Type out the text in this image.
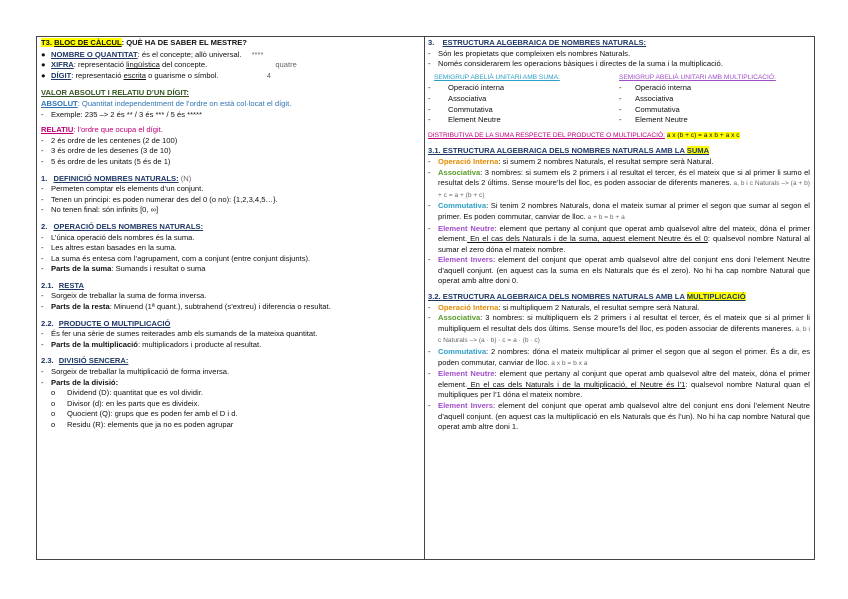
T3. BLOC DE CÀLCUL: QUÈ HA DE SABER EL MESTRE?

● NOMBRE O QUANTITAT: és el concepte; allò universal. ****
● XIFRA: representació lingüística del concepte.	quatre
● DÍGIT: representació escrita o guarisme o símbol.	4

VALOR ABSOLUT I RELATIU D’UN DÍGIT:

ABSOLUT: Quantitat independentment de l’ordre on està col·locat el dígit.

- Exemple: 235 –> 2 és ** / 3 és *** / 5 és *****

RELATIU: l’ordre que ocupa el dígit.

- 2 és ordre de les centenes (2 de 100)
- 3 és ordre de les desenes (3 de 10)
- 5 és ordre de les unitats (5 és de 1)

1. DEFINICIÓ NOMBRES NATURALS: (N)

- Permeten comptar els elements d’un conjunt.
- Tenen un principi: es poden numerar des del 0 (o no): {1,2,3,4,5…}.
- No tenen final: són infinits [0, ∞]

2. OPERACIÓ DELS NOMBRES NATURALS:

- L’única operació dels nombres és la suma.
- Les altres estan basades en la suma.
- La suma és entesa com l’agrupament, com a conjunt (entre conjunt disjunts).
- Parts de la suma: Sumands i resultat o suma

2.1. RESTA

- Sorgeix de treballar la suma de forma inversa.
- Parts de la resta: Minuend (1ª quant.), subtrahend (s’extreu) i diferencia o resultat.

2.2. PRODUCTE O MULTIPLICACIÓ

- És fer una sèrie de sumes reiterades amb els sumands de la mateixa quantitat.
- Parts de la multiplicació: multiplicadors i producte al resultat.

2.3. DIVISIÓ SENCERA:

- Sorgeix de treballar la multiplicació de forma inversa.
- Parts de la divisió:
o	Dividend (D): quantitat que es vol dividir.
o	Divisor (d): en les parts que es divideix.
o	Quocient (Q): grups que es poden fer amb el D i d.
o	Residu (R): elements que ja no es poden agrupar

3. ESTRUCTURA ALGEBRAICA DE NOMBRES NATURALS:

- Són les propietats que compleixen els nombres Naturals.
- Només considerarem les operacions bàsiques i directes de la suma i la multiplicació.

SEMIGRUP ABELIÀ UNITARI AMB SUMA:

-	Operació interna
-	Associativa
-	Commutativa
-	Element Neutre

SEMIGRUP ABELIÀ UNITARI AMB MULTIPLICACIÓ:

-	Operació interna
-	Associativa
-	Commutativa
-	Element Neutre

DISTRIBUTIVA DE LA SUMA RESPECTE DEL PRODUCTE O MULTIPLICACIÓ: a x (b + c) = a x b + a x c

3.1. ESTRUCTURA ALGEBRAICA DELS NOMBRES NATURALS AMB LA SUMA

- Operació Interna: si sumem 2 nombres Naturals, el resultat sempre serà Natural.
- Associativa: 3 nombres: si sumem els 2 primers i al resultat el tercer, és el mateix que si al primer li sumo el resultat dels 2 últims. Sense moure’ls del lloc, es poden associar de diferents maneres. a, b i c Naturals –> (a + b) + c = a + (b + c)
- Commutativa: Si tenim 2 nombres Naturals, dona el mateix sumar al primer el segon que sumar al segon el primer. Es poden commutar, canviar de lloc. a + b = b + a
- Element Neutre: element que pertany al conjunt que operat amb qualsevol altre del mateix, dóna el primer element. En el cas dels Naturals i de la suma, aquest element Neutre és el 0: qualsevol nombre Natural al sumar el zero dóna el mateix nombre.
- Element Invers: element del conjunt que operat amb qualsevol altre del conjunt ens doni l’element Neutre d’aquell conjunt. (en aquest cas la suma en els Naturals que és el zero). No hi ha cap nombre Natural que operat amb altre doni 0.

3.2. ESTRUCTURA ALGEBRAICA DELS NOMBRES NATURALS AMB LA MULTIPLICACIÓ

- Operació Interna: si multipliquem 2 Naturals, el resultat sempre serà Natural.
- Associativa: 3 nombres: si multipliquem els 2 primers i al resultat el tercer, és el mateix que si al primer li multipliquem el resultat dels dos últims. Sense moure’ls del lloc, es poden associar de diferents maneres. a, b i c Naturals –> (a · b) · c = a · (b · c)
- Commutativa: 2 nombres: dóna el mateix multiplicar al primer el segon que al segon el primer. És a dir, es poden commutar, canviar de lloc. a x b = b x a
- Element Neutre: element que pertany al conjunt que operat amb qualsevol altre del mateix, dóna el primer element. En el cas dels Naturals i de la multiplicació, el Neutre és l’1: qualsevol nombre Natural quan el multipliques per l’1 dóna el mateix nombre.
- Element Invers: element del conjunt que operat amb qualsevol altre del conjunt ens doni l’element Neutre d’aquell conjunt. (en aquest cas la multiplicació en els Naturals que és l’un). No hi ha cap nombre Natural que operat amb altre doni 1.
